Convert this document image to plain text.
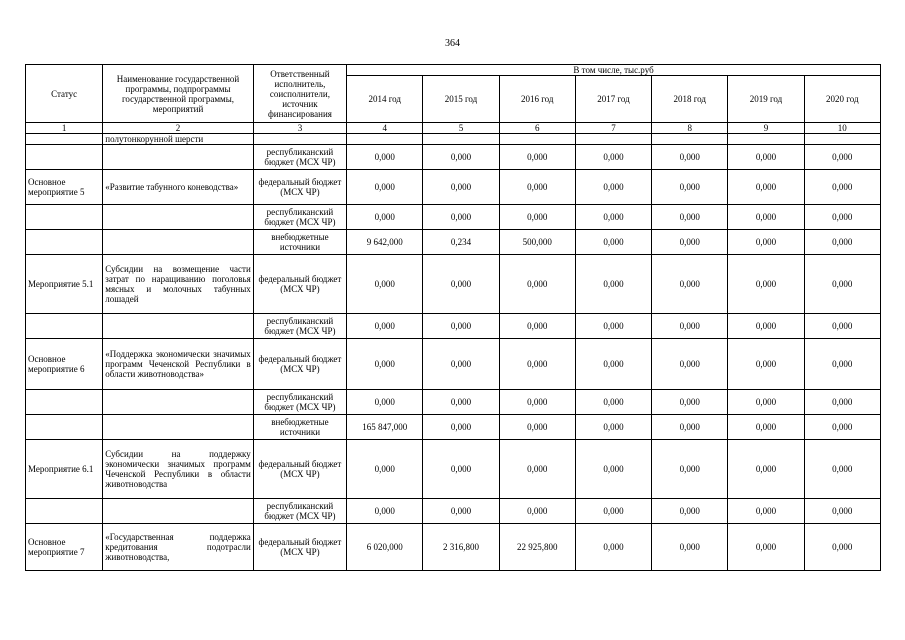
364
Статус	Наименование государственной программы, подпрограммы государственной программы, мероприятий	Ответственный исполнитель, соисполнители, источник финансирования	В том числе, тыс.руб						
			2014 год	2015 год	2016 год	2017 год	2018 год	2019 год	2020 год
1	2	3	4	5	6	7	8	9	10
	полутонкорунной шерсти								
		республиканский бюджет (МСХ ЧР)	0,000	0,000	0,000	0,000	0,000	0,000	0,000
Основное мероприятие 5	«Развитие табунного коневодства»	федеральный бюджет (МСХ ЧР)	0,000	0,000	0,000	0,000	0,000	0,000	0,000
		республиканский бюджет (МСХ ЧР)	0,000	0,000	0,000	0,000	0,000	0,000	0,000
		внебюджетные источники	9 642,000	0,234	500,000	0,000	0,000	0,000	0,000
Мероприятие 5.1	Субсидии на возмещение части затрат по наращиванию поголовья мясных и молочных табунных лошадей	федеральный бюджет (МСХ ЧР)	0,000	0,000	0,000	0,000	0,000	0,000	0,000
		республиканский бюджет (МСХ ЧР)	0,000	0,000	0,000	0,000	0,000	0,000	0,000
Основное мероприятие 6	«Поддержка экономически значимых программ Чеченской Республики в области животноводства»	федеральный бюджет (МСХ ЧР)	0,000	0,000	0,000	0,000	0,000	0,000	0,000
		республиканский бюджет (МСХ ЧР)	0,000	0,000	0,000	0,000	0,000	0,000	0,000
		внебюджетные источники	165 847,000	0,000	0,000	0,000	0,000	0,000	0,000
Мероприятие 6.1	Субсидии на поддержку экономически значимых программ Чеченской Республики в области животноводства	федеральный бюджет (МСХ ЧР)	0,000	0,000	0,000	0,000	0,000	0,000	0,000
		республиканский бюджет (МСХ ЧР)	0,000	0,000	0,000	0,000	0,000	0,000	0,000
Основное мероприятие 7	«Государственная поддержка кредитования подотрасли животноводства,	федеральный бюджет (МСХ ЧР)	6 020,000	2 316,800	22 925,800	0,000	0,000	0,000	0,000
